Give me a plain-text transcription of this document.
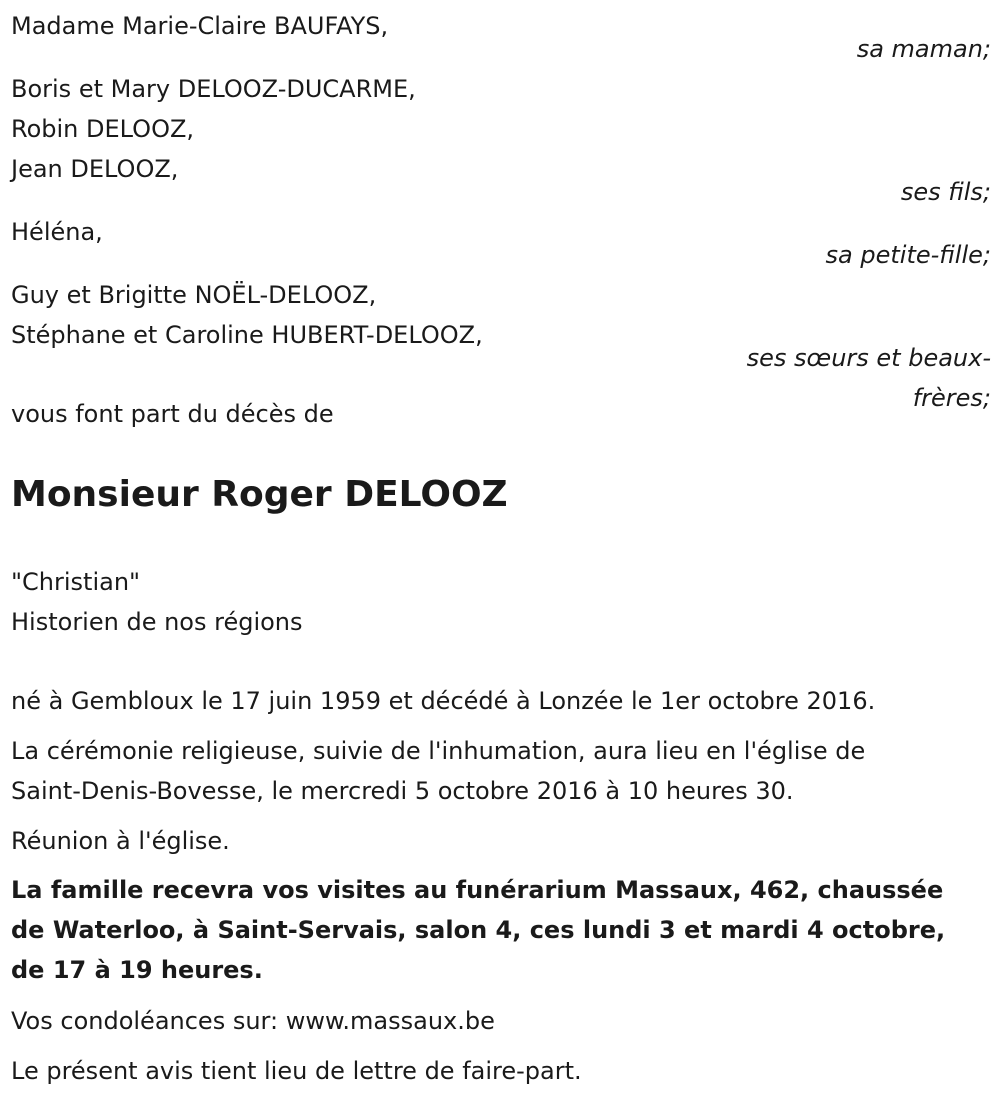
Madame Marie-Claire BAUFAYS,
sa maman;
Boris et Mary DELOOZ-DUCARME,
Robin DELOOZ,
Jean DELOOZ,
ses fils;
Héléna,
sa petite-fille;
Guy et Brigitte NOËL-DELOOZ,
Stéphane et Caroline HUBERT-DELOOZ,
ses sœurs et beaux-
frères;
vous font part du décès de
Monsieur Roger DELOOZ
"Christian"
Historien de nos régions
né à Gembloux le 17 juin 1959 et décédé à Lonzée le 1er octobre 2016.
La cérémonie religieuse, suivie de l'inhumation, aura lieu en l'église de
Saint-Denis-Bovesse, le mercredi 5 octobre 2016 à 10 heures 30.
Réunion à l'église.
La famille recevra vos visites au funérarium Massaux, 462, chaussée
de Waterloo, à Saint-Servais, salon 4, ces lundi 3 et mardi 4 octobre,
de 17 à 19 heures.
Vos condoléances sur: www.massaux.be
Le présent avis tient lieu de lettre de faire-part.
